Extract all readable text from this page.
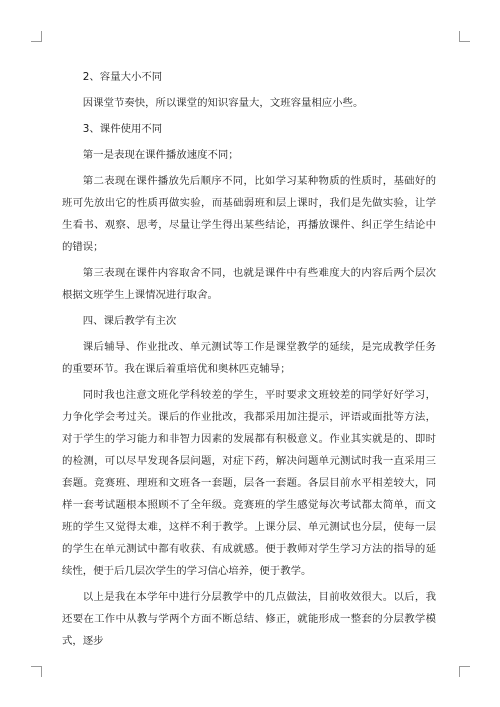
2、容量大小不同

因课堂节奏快，所以课堂的知识容量大，文班容量相应小些。

3、课件使用不同

第一是表现在课件播放速度不同；

第二表现在课件播放先后顺序不同，比如学习某种物质的性质时，基础好的班可先放出它的性质再做实验，而基础弱班和层上课时，我们是先做实验，让学生看书、观察、思考，尽量让学生得出某些结论，再播放课件、纠正学生结论中的错误；

第三表现在课件内容取舍不同，也就是课件中有些难度大的内容后两个层次根据文班学生上课情况进行取舍。

四、课后教学有主次

课后辅导、作业批改、单元测试等工作是课堂教学的延续，是完成教学任务的重要环节。我在课后着重培优和奥林匹克辅导；

同时我也注意文班化学科较差的学生，平时要求文班较差的同学好好学习，力争化学会考过关。课后的作业批改，我都采用加注提示，评语或面批等方法，对于学生的学习能力和非智力因素的发展都有积极意义。作业其实就是的、即时的检测，可以尽早发现各层问题，对症下药，解决问题单元测试时我一直采用三套题。竞赛班、理班和文班各一套题，层各一套题。各层目前水平相差较大，同样一套考试题根本照顾不了全年级。竞赛班的学生感觉每次考试都太简单，而文班的学生又觉得太难，这样不利于教学。上课分层、单元测试也分层，使每一层的学生在单元测试中都有收获、有成就感。便于教师对学生学习方法的指导的延续性，便于后几层次学生的学习信心培养，便于教学。

以上是我在本学年中进行分层教学中的几点做法，目前收效很大。以后，我还要在工作中从教与学两个方面不断总结、修正，就能形成一整套的分层教学模式，逐步
